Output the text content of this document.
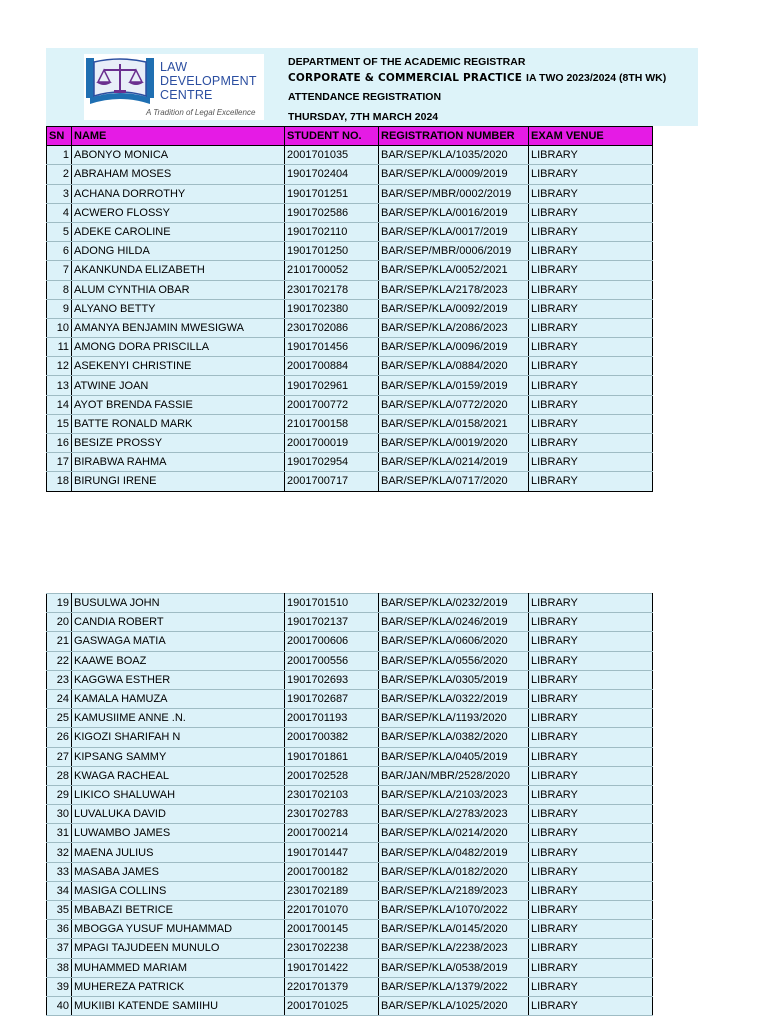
LAW
DEVELOPMENT
CENTRE
A Tradition of Legal Excellence
DEPARTMENT OF THE ACADEMIC REGISTRAR
CORPORATE & COMMERCIAL PRACTICE IA TWO 2023/2024 (8TH WK)
ATTENDANCE REGISTRATION
THURSDAY, 7TH MARCH 2024
SN	NAME	STUDENT NO.	REGISTRATION NUMBER	EXAM VENUE
1	ABONYO MONICA	2001701035	BAR/SEP/KLA/1035/2020	LIBRARY
2	ABRAHAM MOSES	1901702404	BAR/SEP/KLA/0009/2019	LIBRARY
3	ACHANA DORROTHY	1901701251	BAR/SEP/MBR/0002/2019	LIBRARY
4	ACWERO FLOSSY	1901702586	BAR/SEP/KLA/0016/2019	LIBRARY
5	ADEKE CAROLINE	1901702110	BAR/SEP/KLA/0017/2019	LIBRARY
6	ADONG HILDA	1901701250	BAR/SEP/MBR/0006/2019	LIBRARY
7	AKANKUNDA ELIZABETH	2101700052	BAR/SEP/KLA/0052/2021	LIBRARY
8	ALUM CYNTHIA OBAR	2301702178	BAR/SEP/KLA/2178/2023	LIBRARY
9	ALYANO BETTY	1901702380	BAR/SEP/KLA/0092/2019	LIBRARY
10	AMANYA BENJAMIN MWESIGWA	2301702086	BAR/SEP/KLA/2086/2023	LIBRARY
11	AMONG DORA PRISCILLA	1901701456	BAR/SEP/KLA/0096/2019	LIBRARY
12	ASEKENYI CHRISTINE	2001700884	BAR/SEP/KLA/0884/2020	LIBRARY
13	ATWINE JOAN	1901702961	BAR/SEP/KLA/0159/2019	LIBRARY
14	AYOT BRENDA FASSIE	2001700772	BAR/SEP/KLA/0772/2020	LIBRARY
15	BATTE RONALD MARK	2101700158	BAR/SEP/KLA/0158/2021	LIBRARY
16	BESIZE PROSSY	2001700019	BAR/SEP/KLA/0019/2020	LIBRARY
17	BIRABWA RAHMA	1901702954	BAR/SEP/KLA/0214/2019	LIBRARY
18	BIRUNGI IRENE	2001700717	BAR/SEP/KLA/0717/2020	LIBRARY
19	BUSULWA JOHN	1901701510	BAR/SEP/KLA/0232/2019	LIBRARY
20	CANDIA ROBERT	1901702137	BAR/SEP/KLA/0246/2019	LIBRARY
21	GASWAGA MATIA	2001700606	BAR/SEP/KLA/0606/2020	LIBRARY
22	KAAWE BOAZ	2001700556	BAR/SEP/KLA/0556/2020	LIBRARY
23	KAGGWA ESTHER	1901702693	BAR/SEP/KLA/0305/2019	LIBRARY
24	KAMALA HAMUZA	1901702687	BAR/SEP/KLA/0322/2019	LIBRARY
25	KAMUSIIME ANNE .N.	2001701193	BAR/SEP/KLA/1193/2020	LIBRARY
26	KIGOZI SHARIFAH N	2001700382	BAR/SEP/KLA/0382/2020	LIBRARY
27	KIPSANG SAMMY	1901701861	BAR/SEP/KLA/0405/2019	LIBRARY
28	KWAGA RACHEAL	2001702528	BAR/JAN/MBR/2528/2020	LIBRARY
29	LIKICO SHALUWAH	2301702103	BAR/SEP/KLA/2103/2023	LIBRARY
30	LUVALUKA DAVID	2301702783	BAR/SEP/KLA/2783/2023	LIBRARY
31	LUWAMBO JAMES	2001700214	BAR/SEP/KLA/0214/2020	LIBRARY
32	MAENA JULIUS	1901701447	BAR/SEP/KLA/0482/2019	LIBRARY
33	MASABA JAMES	2001700182	BAR/SEP/KLA/0182/2020	LIBRARY
34	MASIGA COLLINS	2301702189	BAR/SEP/KLA/2189/2023	LIBRARY
35	MBABAZI BETRICE	2201701070	BAR/SEP/KLA/1070/2022	LIBRARY
36	MBOGGA YUSUF MUHAMMAD	2001700145	BAR/SEP/KLA/0145/2020	LIBRARY
37	MPAGI TAJUDEEN MUNULO	2301702238	BAR/SEP/KLA/2238/2023	LIBRARY
38	MUHAMMED MARIAM	1901701422	BAR/SEP/KLA/0538/2019	LIBRARY
39	MUHEREZA PATRICK	2201701379	BAR/SEP/KLA/1379/2022	LIBRARY
40	MUKIIBI KATENDE SAMIIHU	2001701025	BAR/SEP/KLA/1025/2020	LIBRARY
